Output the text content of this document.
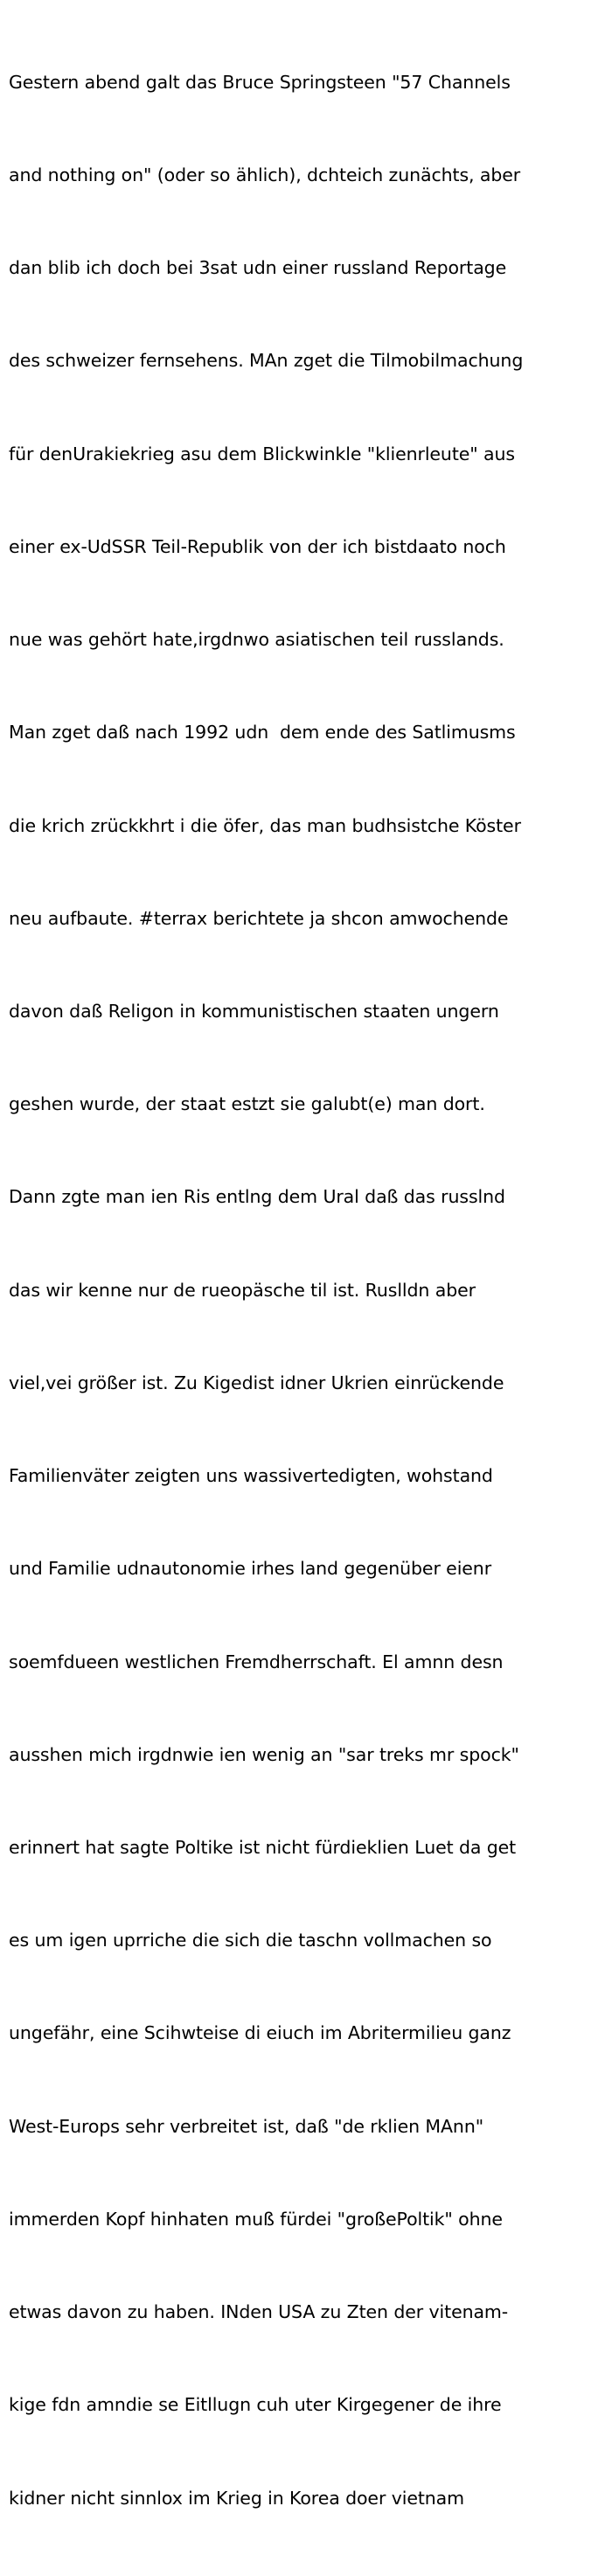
Gestern abend galt das Bruce Springsteen "57 Channels

and nothing on" (oder so ählich), dchteich zunächts, aber

dan blib ich doch bei 3sat udn einer russland Reportage

des schweizer fernsehens. MAn zget die Tilmobilmachung

für denUrakiekrieg asu dem Blickwinkle "klienrleute" aus

einer ex-UdSSR Teil-Republik von der ich bistdaato noch

nue was gehört hate,irgdnwo asiatischen teil russlands.

Man zget daß nach 1992 udn  dem ende des Satlimusms

die krich zrückkhrt i die öfer, das man budhsistche Köster

neu aufbaute. #terrax berichtete ja shcon amwochende

davon daß Religon in kommunistischen staaten ungern

geshen wurde, der staat estzt sie galubt(e) man dort.

Dann zgte man ien Ris entlng dem Ural daß das russlnd

das wir kenne nur de rueopäsche til ist. Ruslldn aber

viel,vei größer ist. Zu Kigedist idner Ukrien einrückende

Familienväter zeigten uns wassivertedigten, wohstand

und Familie udnautonomie irhes land gegenüber eienr

soemfdueen westlichen Fremdherrschaft. El amnn desn

ausshen mich irgdnwie ien wenig an "sar treks mr spock"

erinnert hat sagte Poltike ist nicht fürdieklien Luet da get

es um igen uprriche die sich die taschn vollmachen so

ungefähr, eine Scihwteise di eiuch im Abritermilieu ganz

West-Europs sehr verbreitet ist, daß "de rklien MAnn"

immerden Kopf hinhaten muß fürdei "großePoltik" ohne

etwas davon zu haben. INden USA zu Zten der vitenam-

kige fdn amndie se Eitllugn cuh uter Kirgegener de ihre

kidner nicht sinnlox im Krieg in Korea doer vietnam
